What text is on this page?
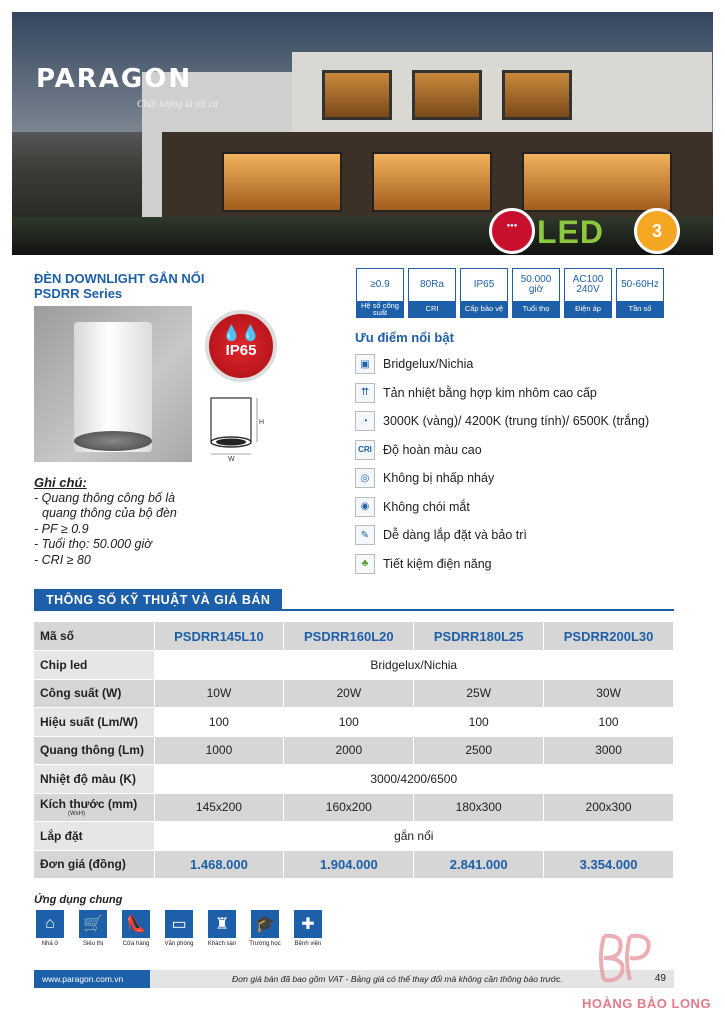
PARAGON
Chất lượng là tất cả
●●● LED	3
ĐÈN DOWNLIGHT GẮN NỔI
PSDRR Series
≥0.9
Hệ số công suất
80Ra
CRI
IP65
Cấp bảo vệ
50.000 giờ
Tuổi thọ
AC100 240V
Điện áp
50-60Hz
Tần số
💧💧
IP65
H
W
Ghi chú:
- Quang thông công bố là
quang thông của bộ đèn
- PF ≥ 0.9
- Tuổi thọ: 50.000 giờ
- CRI ≥ 80
Ưu điểm nổi bật
▣	Bridgelux/Nichia
⇈	Tản nhiệt bằng hợp kim nhôm cao cấp
◔	3000K (vàng)/ 4200K (trung tính)/ 6500K (trắng)
CRI Độ hoàn màu cao
◎	Không bị nhấp nháy
◉	Không chói mắt
✎	Dễ dàng lắp đặt và bảo trì
♣	Tiết kiệm điện năng
THÔNG SỐ KỸ THUẬT VÀ GIÁ BÁN
Mã số	PSDRR145L10	PSDRR160L20	PSDRR180L25	PSDRR200L30
Chip led	Bridgelux/Nichia			
Công suất (W)	10W	20W	25W	30W
Hiệu suất (Lm/W)	100	100	100	100
Quang thông (Lm)	1000	2000	2500	3000
Nhiệt độ màu (K)	3000/4200/6500			
Kích thước (mm)
(WxH)	145x200	160x200	180x300	200x300
Lắp đặt	gắn nổi			
Đơn giá (đồng)	1.468.000	1.904.000	2.841.000	3.354.000
Ứng dụng chung
⌂
Nhà ở
🛒
Siêu thị
👠
Cửa hàng
▭
Văn phòng
♜
Khách sạn
🎓
Trường học
✚
Bệnh viện
www.paragon.com.vn	Đơn giá bán đã bao gồm VAT - Bảng giá có thể thay đổi mà không cần thông báo trước.	49
HOÀNG BẢO LONG
